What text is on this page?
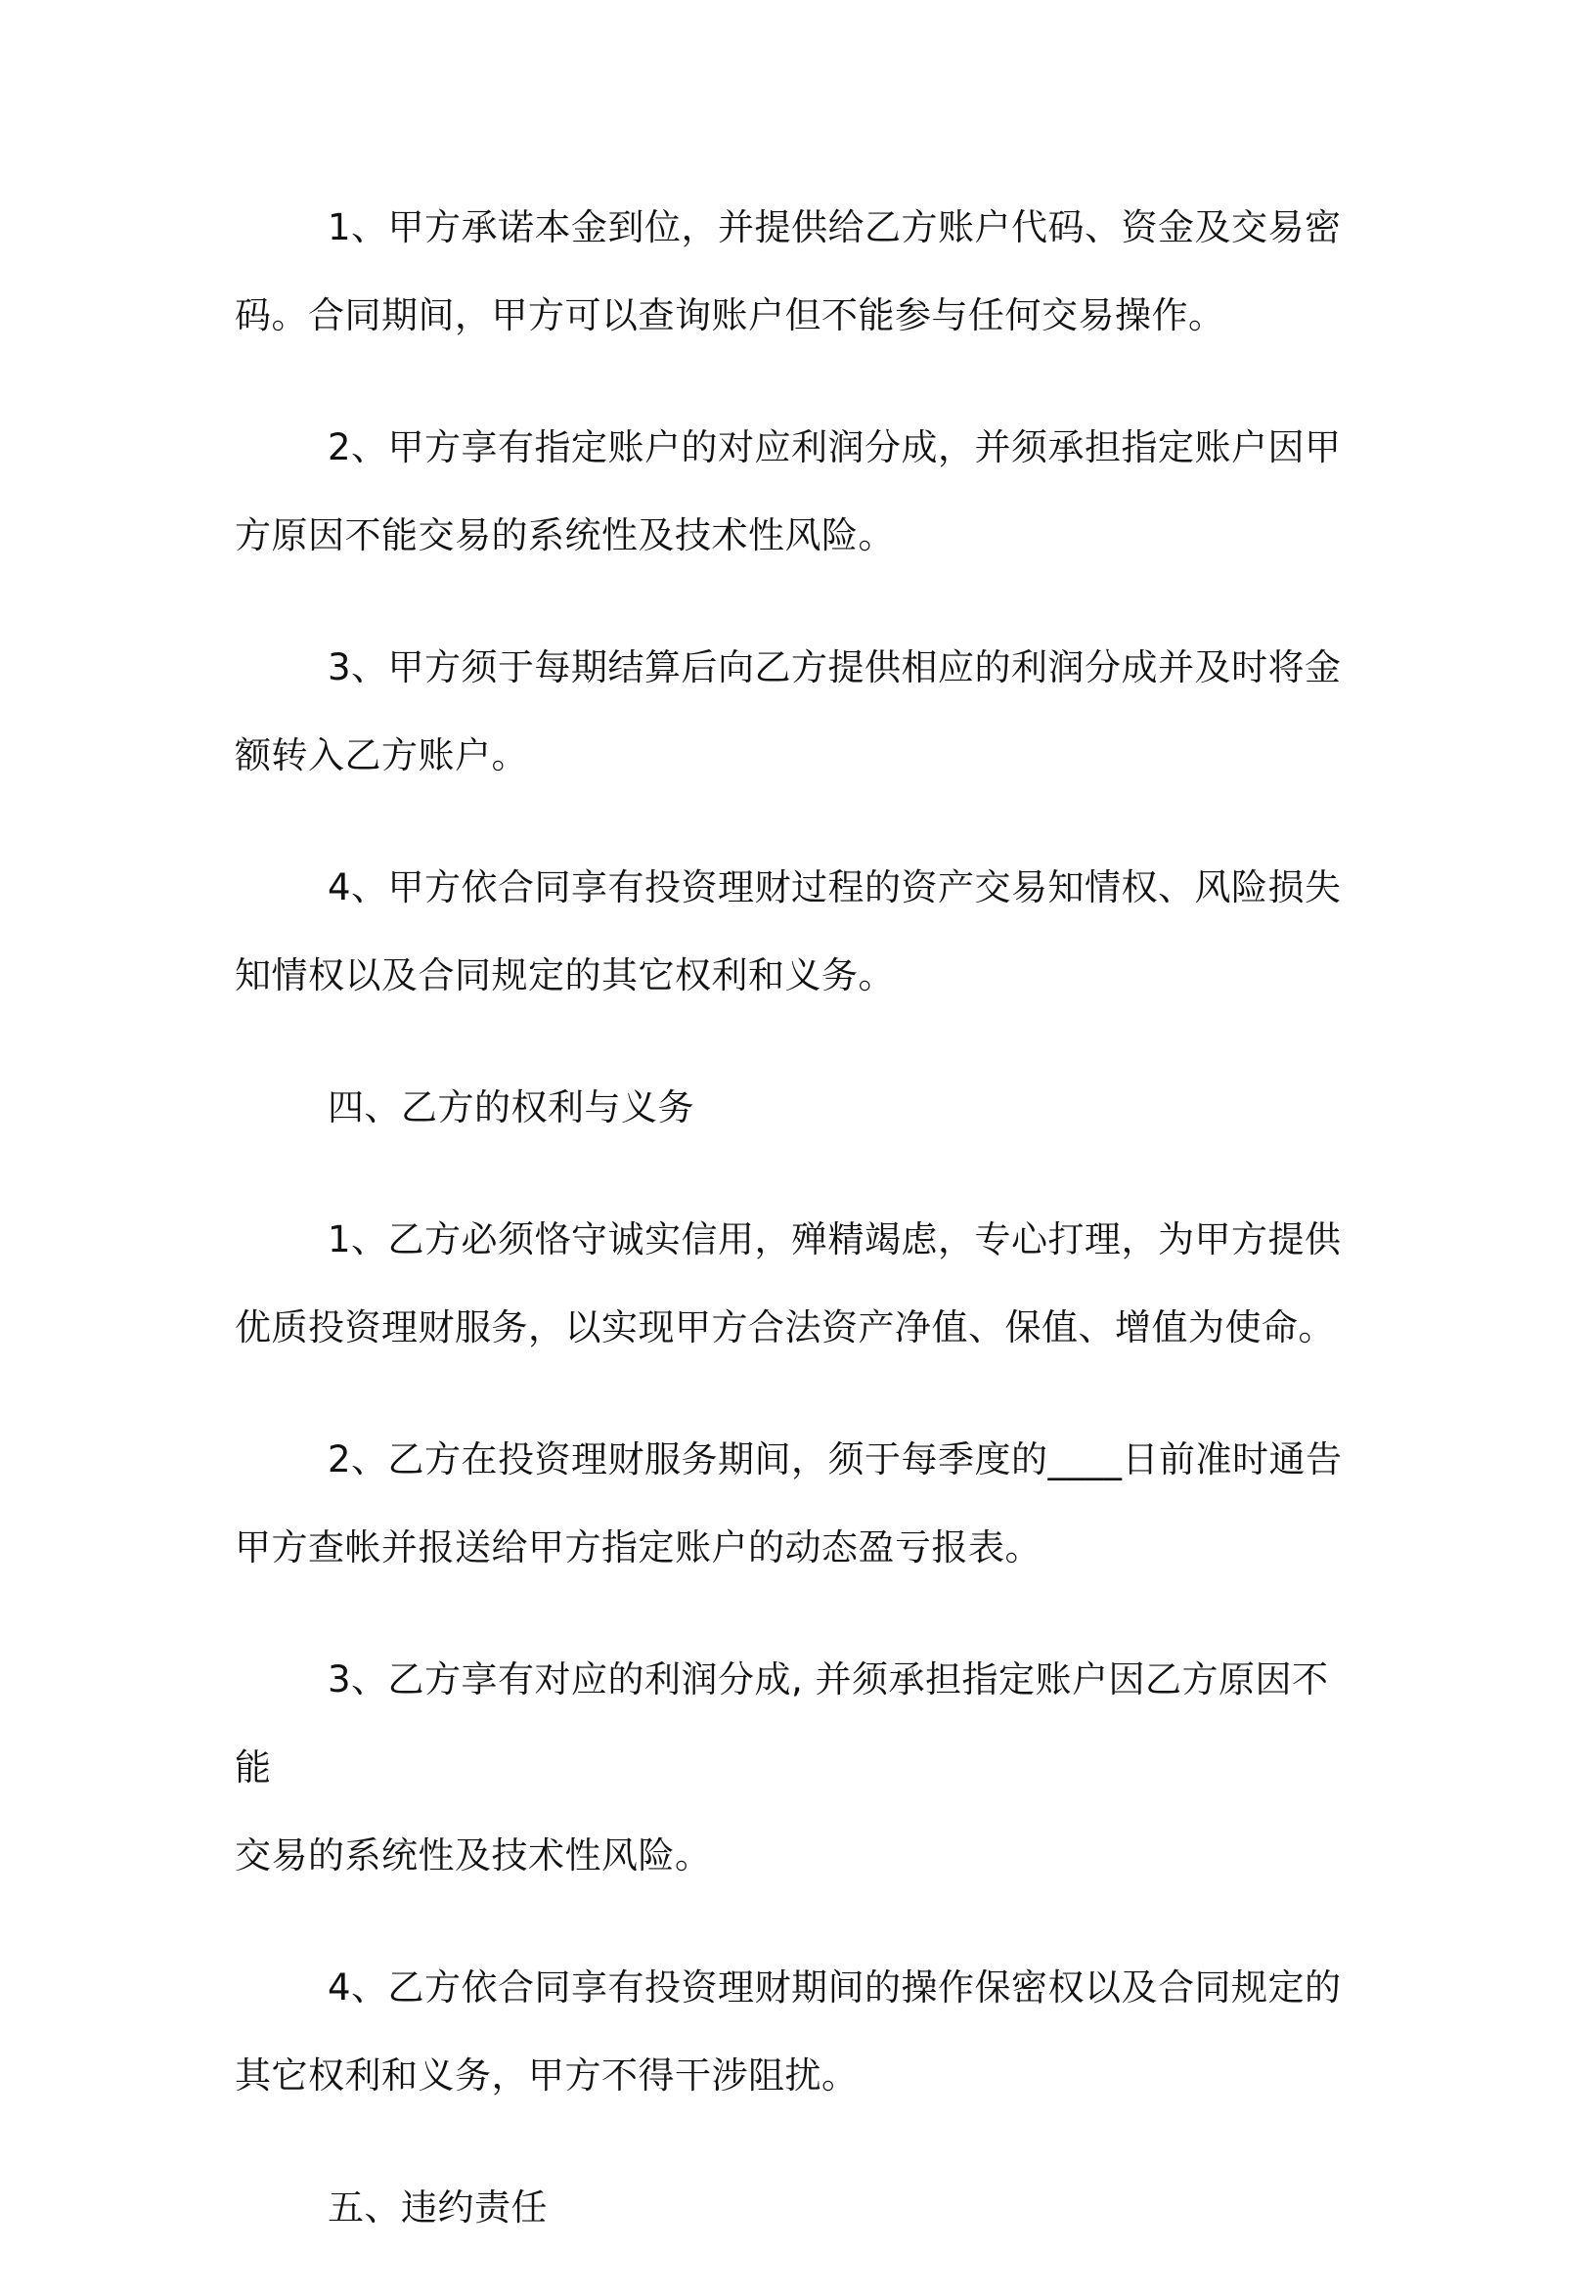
1、甲方承诺本金到位，并提供给乙方账户代码、资金及交易密
码。合同期间，甲方可以查询账户但不能参与任何交易操作。

2、甲方享有指定账户的对应利润分成，并须承担指定账户因甲
方原因不能交易的系统性及技术性风险。

3、甲方须于每期结算后向乙方提供相应的利润分成并及时将金
额转入乙方账户。

4、甲方依合同享有投资理财过程的资产交易知情权、风险损失
知情权以及合同规定的其它权利和义务。

四、乙方的权利与义务

1、乙方必须恪守诚实信用，殚精竭虑，专心打理，为甲方提供
优质投资理财服务，以实现甲方合法资产净值、保值、增值为使命。

2、乙方在投资理财服务期间，须于每季度的____日前准时通告
甲方查帐并报送给甲方指定账户的动态盈亏报表。

3、乙方享有对应的利润分成, 并须承担指定账户因乙方原因不能
交易的系统性及技术性风险。

4、乙方依合同享有投资理财期间的操作保密权以及合同规定的
其它权利和义务，甲方不得干涉阻扰。

五、违约责任
